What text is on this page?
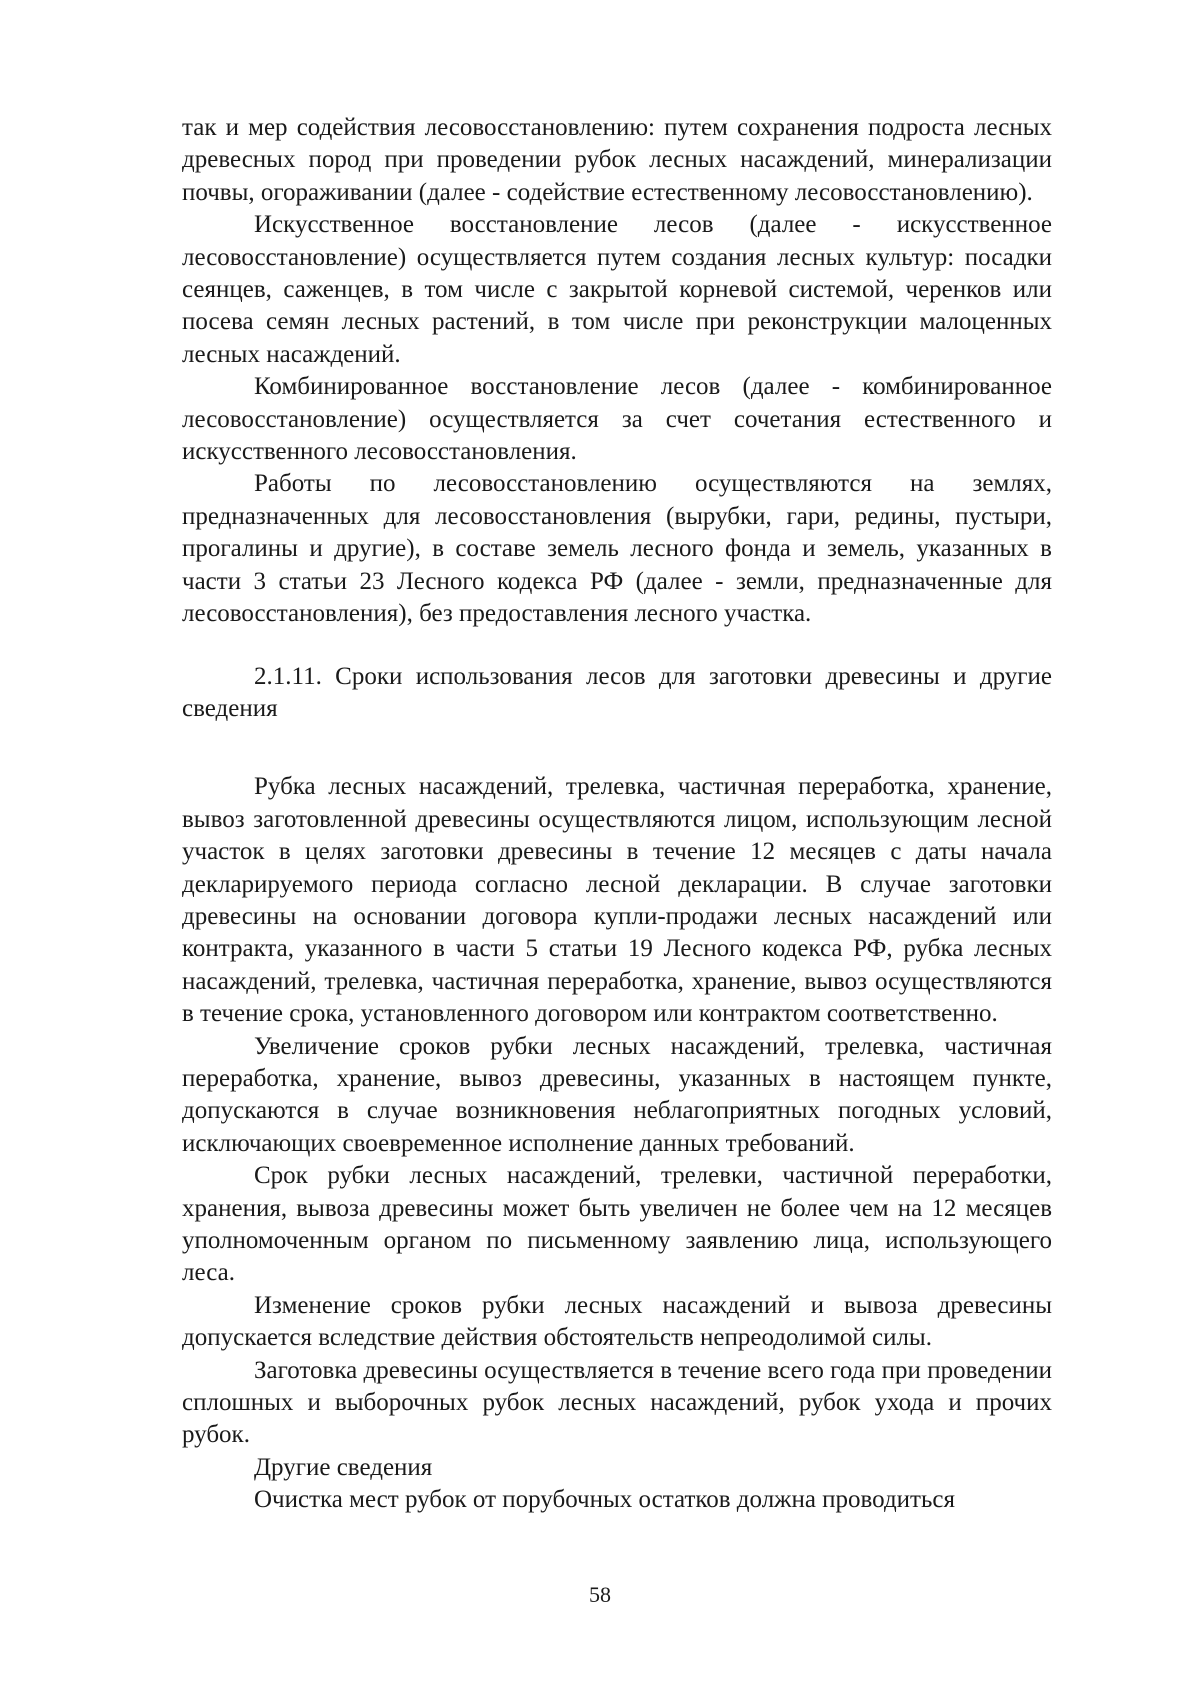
так и мер содействия лесовосстановлению: путем сохранения подроста лесных древесных пород при проведении рубок лесных насаждений, минерализации почвы, огораживании (далее - содействие естественному лесовосстановлению).

Искусственное восстановление лесов (далее - искусственное лесовосстановление) осуществляется путем создания лесных культур: посадки сеянцев, саженцев, в том числе с закрытой корневой системой, черенков или посева семян лесных растений, в том числе при реконструкции малоценных лесных насаждений.

Комбинированное восстановление лесов (далее - комбинированное лесовосстановление) осуществляется за счет сочетания естественного и искусственного лесовосстановления.

Работы по лесовосстановлению осуществляются на землях, предназначенных для лесовосстановления (вырубки, гари, редины, пустыри, прогалины и другие), в составе земель лесного фонда и земель, указанных в части 3 статьи 23 Лесного кодекса РФ (далее - земли, предназначенные для лесовосстановления), без предоставления лесного участка.

2.1.11. Сроки использования лесов для заготовки древесины и другие сведения

Рубка лесных насаждений, трелевка, частичная переработка, хранение, вывоз заготовленной древесины осуществляются лицом, использующим лесной участок в целях заготовки древесины в течение 12 месяцев с даты начала декларируемого периода согласно лесной декларации. В случае заготовки древесины на основании договора купли-продажи лесных насаждений или контракта, указанного в части 5 статьи 19 Лесного кодекса РФ, рубка лесных насаждений, трелевка, частичная переработка, хранение, вывоз осуществляются в течение срока, установленного договором или контрактом соответственно.

Увеличение сроков рубки лесных насаждений, трелевка, частичная переработка, хранение, вывоз древесины, указанных в настоящем пункте, допускаются в случае возникновения неблагоприятных погодных условий, исключающих своевременное исполнение данных требований.

Срок рубки лесных насаждений, трелевки, частичной переработки, хранения, вывоза древесины может быть увеличен не более чем на 12 месяцев уполномоченным органом по письменному заявлению лица, использующего леса.

Изменение сроков рубки лесных насаждений и вывоза древесины допускается вследствие действия обстоятельств непреодолимой силы.

Заготовка древесины осуществляется в течение всего года при проведении сплошных и выборочных рубок лесных насаждений, рубок ухода и прочих рубок.

Другие сведения

Очистка мест рубок от порубочных остатков должна проводиться

58
